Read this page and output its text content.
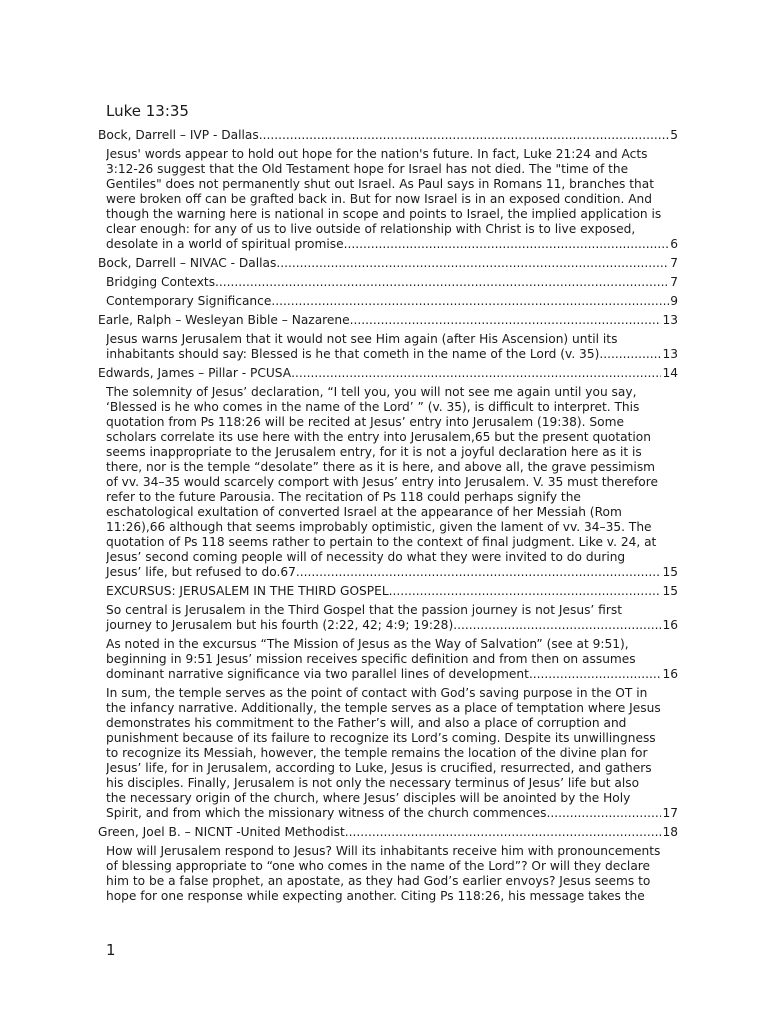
Luke 13:35
Bock, Darrell – IVP - Dallas .....	5
Jesus' words appear to hold out hope for the nation's future. In fact, Luke 21:24 and Acts
3:12-26 suggest that the Old Testament hope for Israel has not died. The "time of the
Gentiles" does not permanently shut out Israel. As Paul says in Romans 11, branches that
were broken off can be grafted back in. But for now Israel is in an exposed condition. And
though the warning here is national in scope and points to Israel, the implied application is
clear enough: for any of us to live outside of relationship with Christ is to live exposed,
desolate in a world of spiritual promise .....	6
Bock, Darrell – NIVAC - Dallas .....	7
Bridging Contexts .....	7
Contemporary Significance .....	9
Earle, Ralph – Wesleyan Bible – Nazarene .....	13
Jesus warns Jerusalem that it would not see Him again (after His Ascension) until its
inhabitants should say: Blessed is he that cometh in the name of the Lord (v. 35) .....	13
Edwards, James – Pillar - PCUSA .....	14
The solemnity of Jesus’ declaration, “I tell you, you will not see me again until you say,
‘Blessed is he who comes in the name of the Lord’ ” (v. 35), is difficult to interpret. This
quotation from Ps 118:26 will be recited at Jesus’ entry into Jerusalem (19:38). Some
scholars correlate its use here with the entry into Jerusalem,65 but the present quotation
seems inappropriate to the Jerusalem entry, for it is not a joyful declaration here as it is
there, nor is the temple “desolate” there as it is here, and above all, the grave pessimism
of vv. 34–35 would scarcely comport with Jesus’ entry into Jerusalem. V. 35 must therefore
refer to the future Parousia. The recitation of Ps 118 could perhaps signify the
eschatological exultation of converted Israel at the appearance of her Messiah (Rom
11:26),66 although that seems improbably optimistic, given the lament of vv. 34–35. The
quotation of Ps 118 seems rather to pertain to the context of final judgment. Like v. 24, at
Jesus’ second coming people will of necessity do what they were invited to do during
Jesus’ life, but refused to do.67 .....	15
EXCURSUS: JERUSALEM IN THE THIRD GOSPEL .....	15
So central is Jerusalem in the Third Gospel that the passion journey is not Jesus’ first
journey to Jerusalem but his fourth (2:22, 42; 4:9; 19:28) .....	16
As noted in the excursus “The Mission of Jesus as the Way of Salvation” (see at 9:51),
beginning in 9:51 Jesus’ mission receives specific definition and from then on assumes
dominant narrative significance via two parallel lines of development .....	16
In sum, the temple serves as the point of contact with God’s saving purpose in the OT in
the infancy narrative. Additionally, the temple serves as a place of temptation where Jesus
demonstrates his commitment to the Father’s will, and also a place of corruption and
punishment because of its failure to recognize its Lord’s coming. Despite its unwillingness
to recognize its Messiah, however, the temple remains the location of the divine plan for
Jesus’ life, for in Jerusalem, according to Luke, Jesus is crucified, resurrected, and gathers
his disciples. Finally, Jerusalem is not only the necessary terminus of Jesus’ life but also
the necessary origin of the church, where Jesus’ disciples will be anointed by the Holy
Spirit, and from which the missionary witness of the church commences .....	17
Green, Joel B. – NICNT -United Methodist .....	18
How will Jerusalem respond to Jesus? Will its inhabitants receive him with pronouncements
of blessing appropriate to “one who comes in the name of the Lord”? Or will they declare
him to be a false prophet, an apostate, as they had God’s earlier envoys? Jesus seems to
hope for one response while expecting another. Citing Ps 118:26, his message takes the
1
